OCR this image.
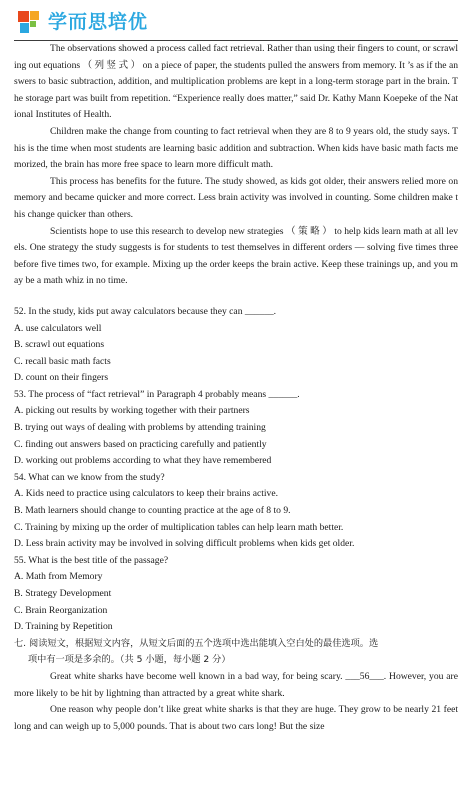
学而思培优

The observations showed a process called fact retrieval. Rather than using their fingers to count, or scrawling out equations （ 列 竖 式 ） on a piece of paper, the students pulled the answers from memory. It ’s as if the answers to basic subtraction, addition, and multiplication problems are kept in a long-term storage part in the brain. The storage part was built from repetition. “Experience really does matter,” said Dr. Kathy Mann Koepeke of the National Institutes of Health.

Children make the change from counting to fact retrieval when they are 8 to 9 years old, the study says. This is the time when most students are learning basic addition and subtraction. When kids have basic math facts memorized, the brain has more free space to learn more difficult math.

This process has benefits for the future. The study showed, as kids got older, their answers relied more on memory and became quicker and more correct. Less brain activity was involved in counting. Some children make this change quicker than others.

Scientists hope to use this research to develop new strategies （ 策 略 ） to help kids learn math at all levels. One strategy the study suggests is for students to test themselves in different orders — solving five times three before five times two, for example. Mixing up the order keeps the brain active. Keep these trainings up, and you may be a math whiz in no time.

52. In the study, kids put away calculators because they can ______.

A. use calculators well

B. scrawl out equations

C. recall basic math facts

D. count on their fingers

53. The process of “fact retrieval” in Paragraph 4 probably means ______.

A. picking out results by working together with their partners

B. trying out ways of dealing with problems by attending training

C. finding out answers based on practicing carefully and patiently

D. working out problems according to what they have remembered

54. What can we know from the study?

A. Kids need to practice using calculators to keep their brains active.

B. Math learners should change to counting practice at the age of 8 to 9.

C. Training by mixing up the order of multiplication tables can help learn math better.

D. Less brain activity may be involved in solving difficult problems when kids get older.

55. What is the best title of the passage?

A. Math from Memory

B. Strategy Development

C. Brain Reorganization

D. Training by Repetition

七. 阅读短文，根据短文内容，从短文后面的五个选项中选出能填入空白处的最佳选项。选

项中有一项是多余的。（共 5 小题，每小题 2 分）

Great white sharks have become well known in a bad way, for being scary. ___56___. However, you are more likely to be hit by lightning than attracted by a great white shark.

One reason why people don’t like great white sharks is that they are huge. They grow to be nearly 21 feet long and can weigh up to 5,000 pounds. That is about two cars long! But the size
